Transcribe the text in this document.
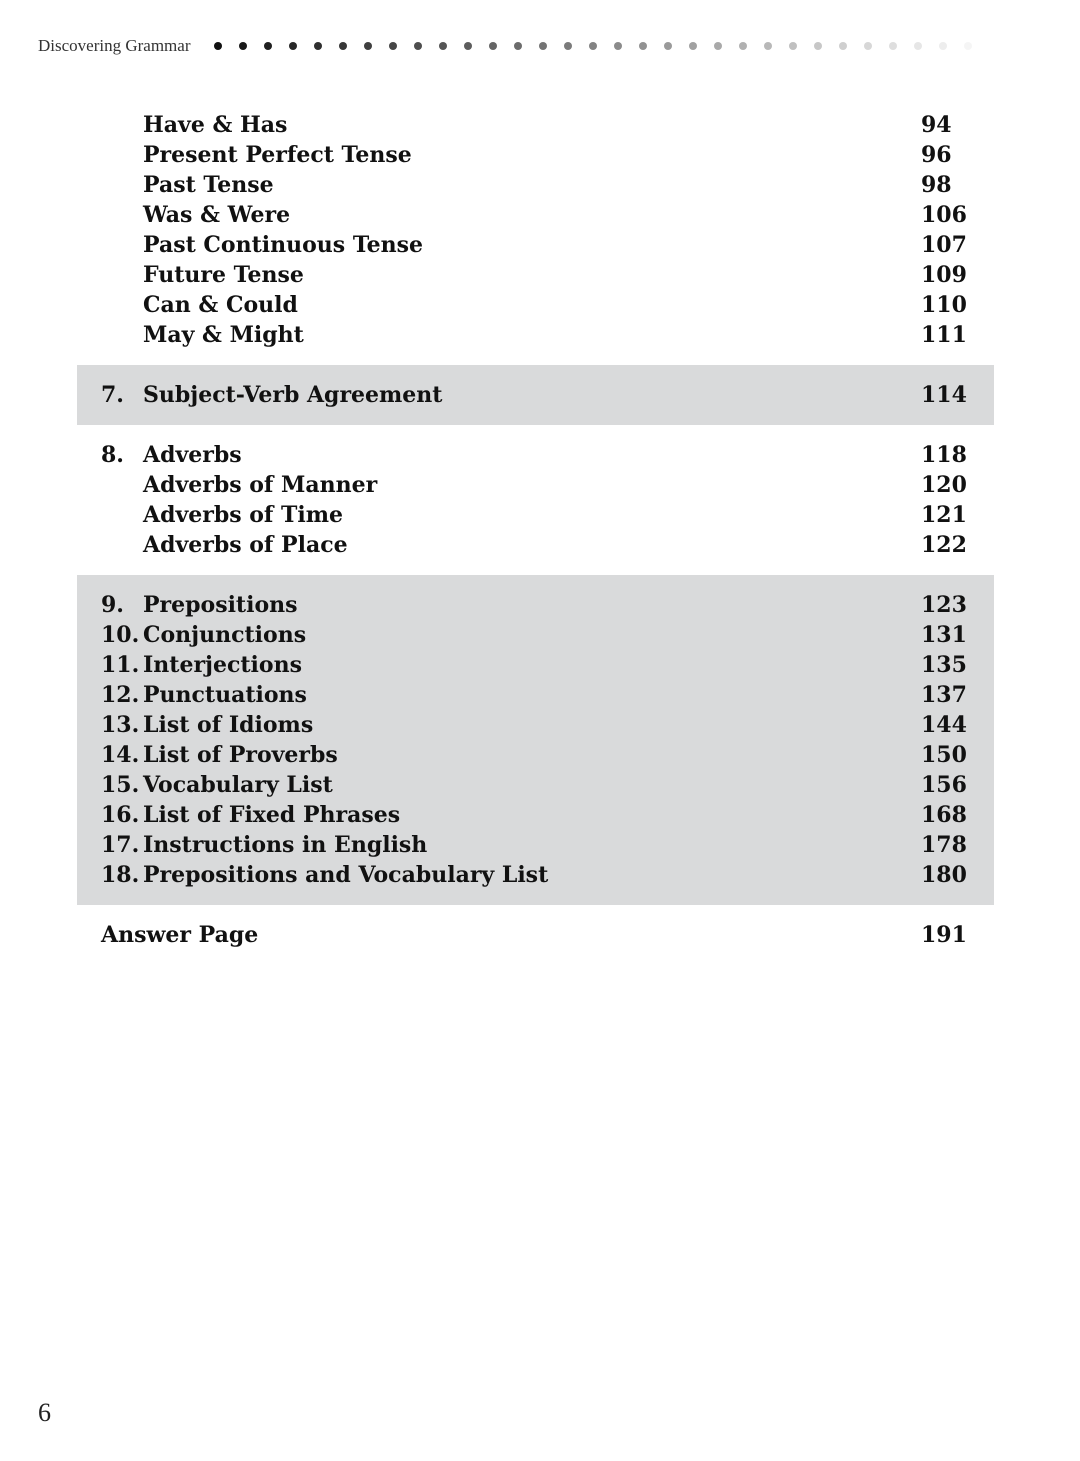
Discovering Grammar
Have & Has	94
Present Perfect Tense	96
Past Tense	98
Was & Were	106
Past Continuous Tense	107
Future Tense	109
Can & Could	110
May & Might	111
7. Subject-Verb Agreement	114
8. Adverbs	118
Adverbs of Manner	120
Adverbs of Time	121
Adverbs of Place	122
9. Prepositions	123
10. Conjunctions	131
11. Interjections	135
12. Punctuations	137
13. List of Idioms	144
14. List of Proverbs	150
15. Vocabulary List	156
16. List of Fixed Phrases	168
17. Instructions in English	178
18. Prepositions and Vocabulary List	180
Answer Page	191
6
